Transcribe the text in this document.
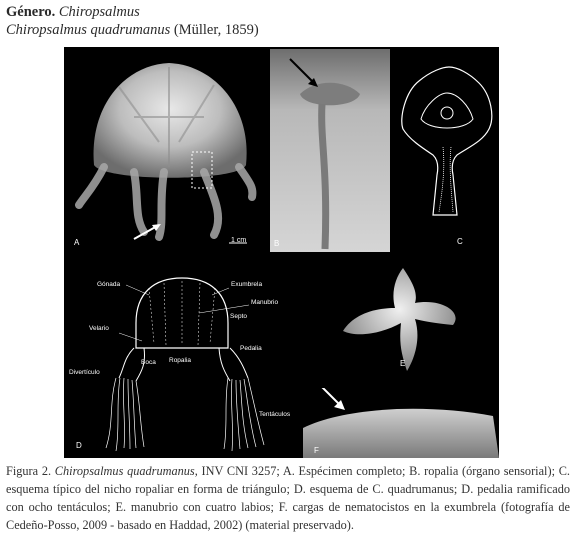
Género. Chiropsalmus
Chiropsalmus quadrumanus (Müller, 1859)
A	1 cm	B	C
Gónada	Exumbrela
Manubrio
Septo
Velario
Pedalia
Boca Ropalia
Divertículo
Tentáculos
D
E
F
Figura 2. Chiropsalmus quadrumanus, INV CNI 3257; A. Espécimen completo; B. ropalia (órgano sensorial); C. esquema típico del nicho ropaliar en forma de triángulo; D. esquema de C. quadrumanus; D. pedalia ramificado con ocho tentáculos; E. manubrio con cuatro labios; F. cargas de nematocistos en la exumbrela (fotografía de Cedeño-Posso, 2009 - basado en Haddad, 2002) (material preservado).
